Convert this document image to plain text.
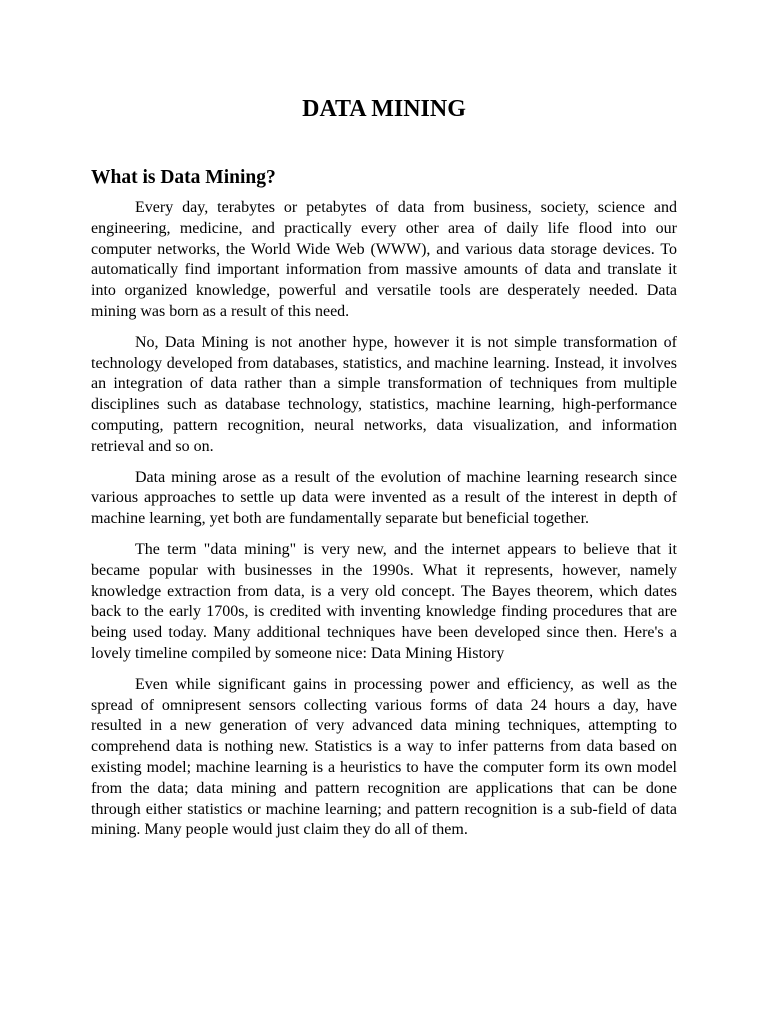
DATA MINING
What is Data Mining?

Every day, terabytes or petabytes of data from business, society, science and engineering, medicine, and practically every other area of daily life flood into our computer networks, the World Wide Web (WWW), and various data storage devices. To automatically find important information from massive amounts of data and translate it into organized knowledge, powerful and versatile tools are desperately needed. Data mining was born as a result of this need.

No, Data Mining is not another hype, however it is not simple transformation of technology developed from databases, statistics, and machine learning. Instead, it involves an integration of data rather than a simple transformation of techniques from multiple disciplines such as database technology, statistics, machine learning, high-performance computing, pattern recognition, neural networks, data visualization, and information retrieval and so on.

Data mining arose as a result of the evolution of machine learning research since various approaches to settle up data were invented as a result of the interest in depth of machine learning, yet both are fundamentally separate but beneficial together.

The term "data mining" is very new, and the internet appears to believe that it became popular with businesses in the 1990s. What it represents, however, namely knowledge extraction from data, is a very old concept. The Bayes theorem, which dates back to the early 1700s, is credited with inventing knowledge finding procedures that are being used today. Many additional techniques have been developed since then. Here's a lovely timeline compiled by someone nice: Data Mining History

Even while significant gains in processing power and efficiency, as well as the spread of omnipresent sensors collecting various forms of data 24 hours a day, have resulted in a new generation of very advanced data mining techniques, attempting to comprehend data is nothing new. Statistics is a way to infer patterns from data based on existing model; machine learning is a heuristics to have the computer form its own model from the data; data mining and pattern recognition are applications that can be done through either statistics or machine learning; and pattern recognition is a sub-field of data mining. Many people would just claim they do all of them.
